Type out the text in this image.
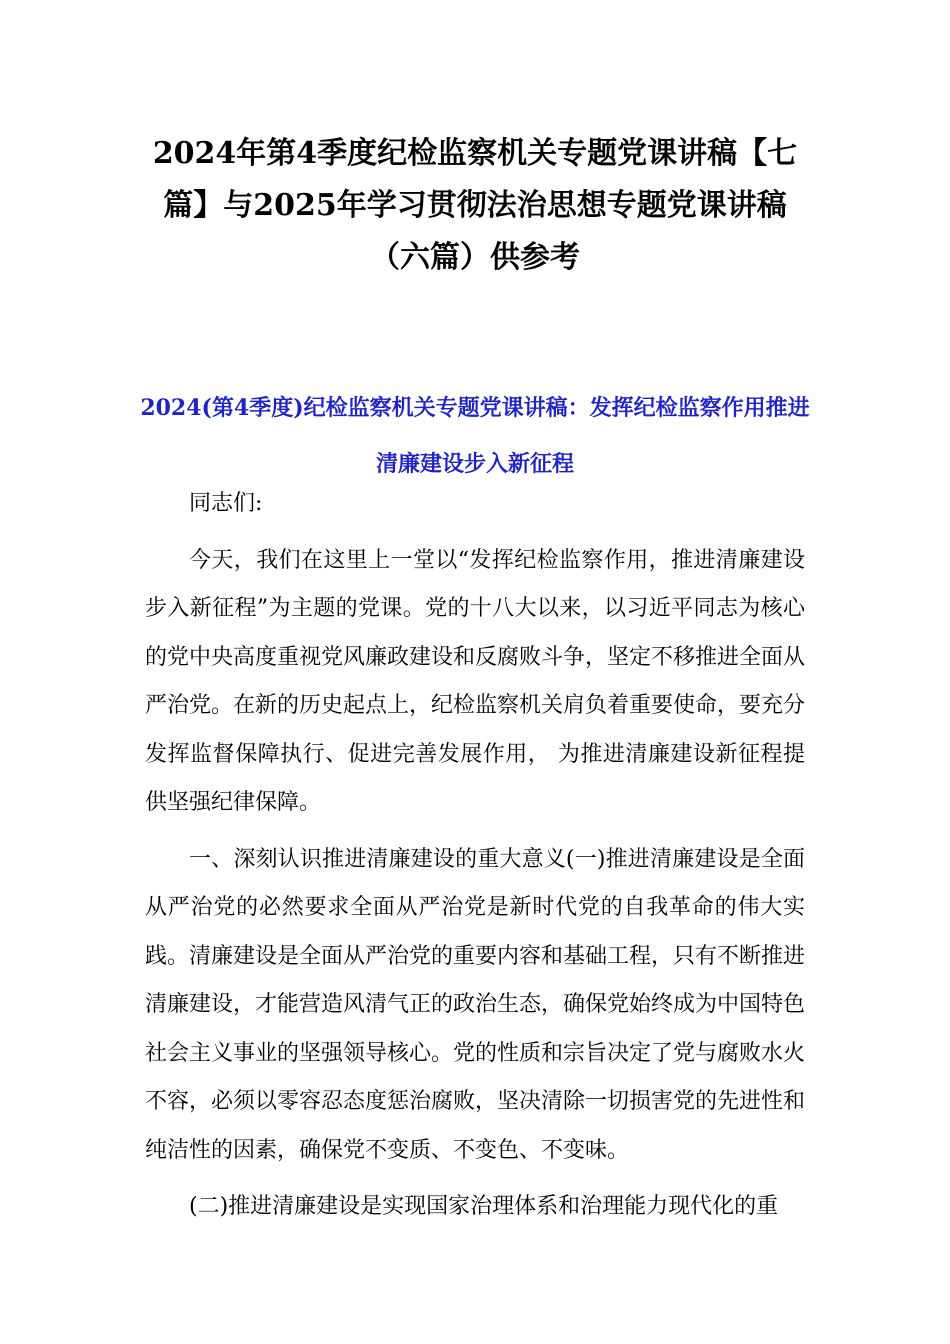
2024年第4季度纪检监察机关专题党课讲稿【七篇】与2025年学习贯彻法治思想专题党课讲稿（六篇）供参考
2024(第4季度)纪检监察机关专题党课讲稿：发挥纪检监察作用推进清廉建设步入新征程

同志们:

今天，我们在这里上一堂以“发挥纪检监察作用，推进清廉建设步入新征程”为主题的党课。党的十八大以来，以习近平同志为核心的党中央高度重视党风廉政建设和反腐败斗争，坚定不移推进全面从严治党。在新的历史起点上，纪检监察机关肩负着重要使命，要充分发挥监督保障执行、促进完善发展作用， 为推进清廉建设新征程提供坚强纪律保障。

一、深刻认识推进清廉建设的重大意义(一)推进清廉建设是全面从严治党的必然要求全面从严治党是新时代党的自我革命的伟大实践。清廉建设是全面从严治党的重要内容和基础工程，只有不断推进清廉建设，才能营造风清气正的政治生态，确保党始终成为中国特色社会主义事业的坚强领导核心。党的性质和宗旨决定了党与腐败水火不容，必须以零容忍态度惩治腐败，坚决清除一切损害党的先进性和纯洁性的因素，确保党不变质、不变色、不变味。

(二)推进清廉建设是实现国家治理体系和治理能力现代化的重
